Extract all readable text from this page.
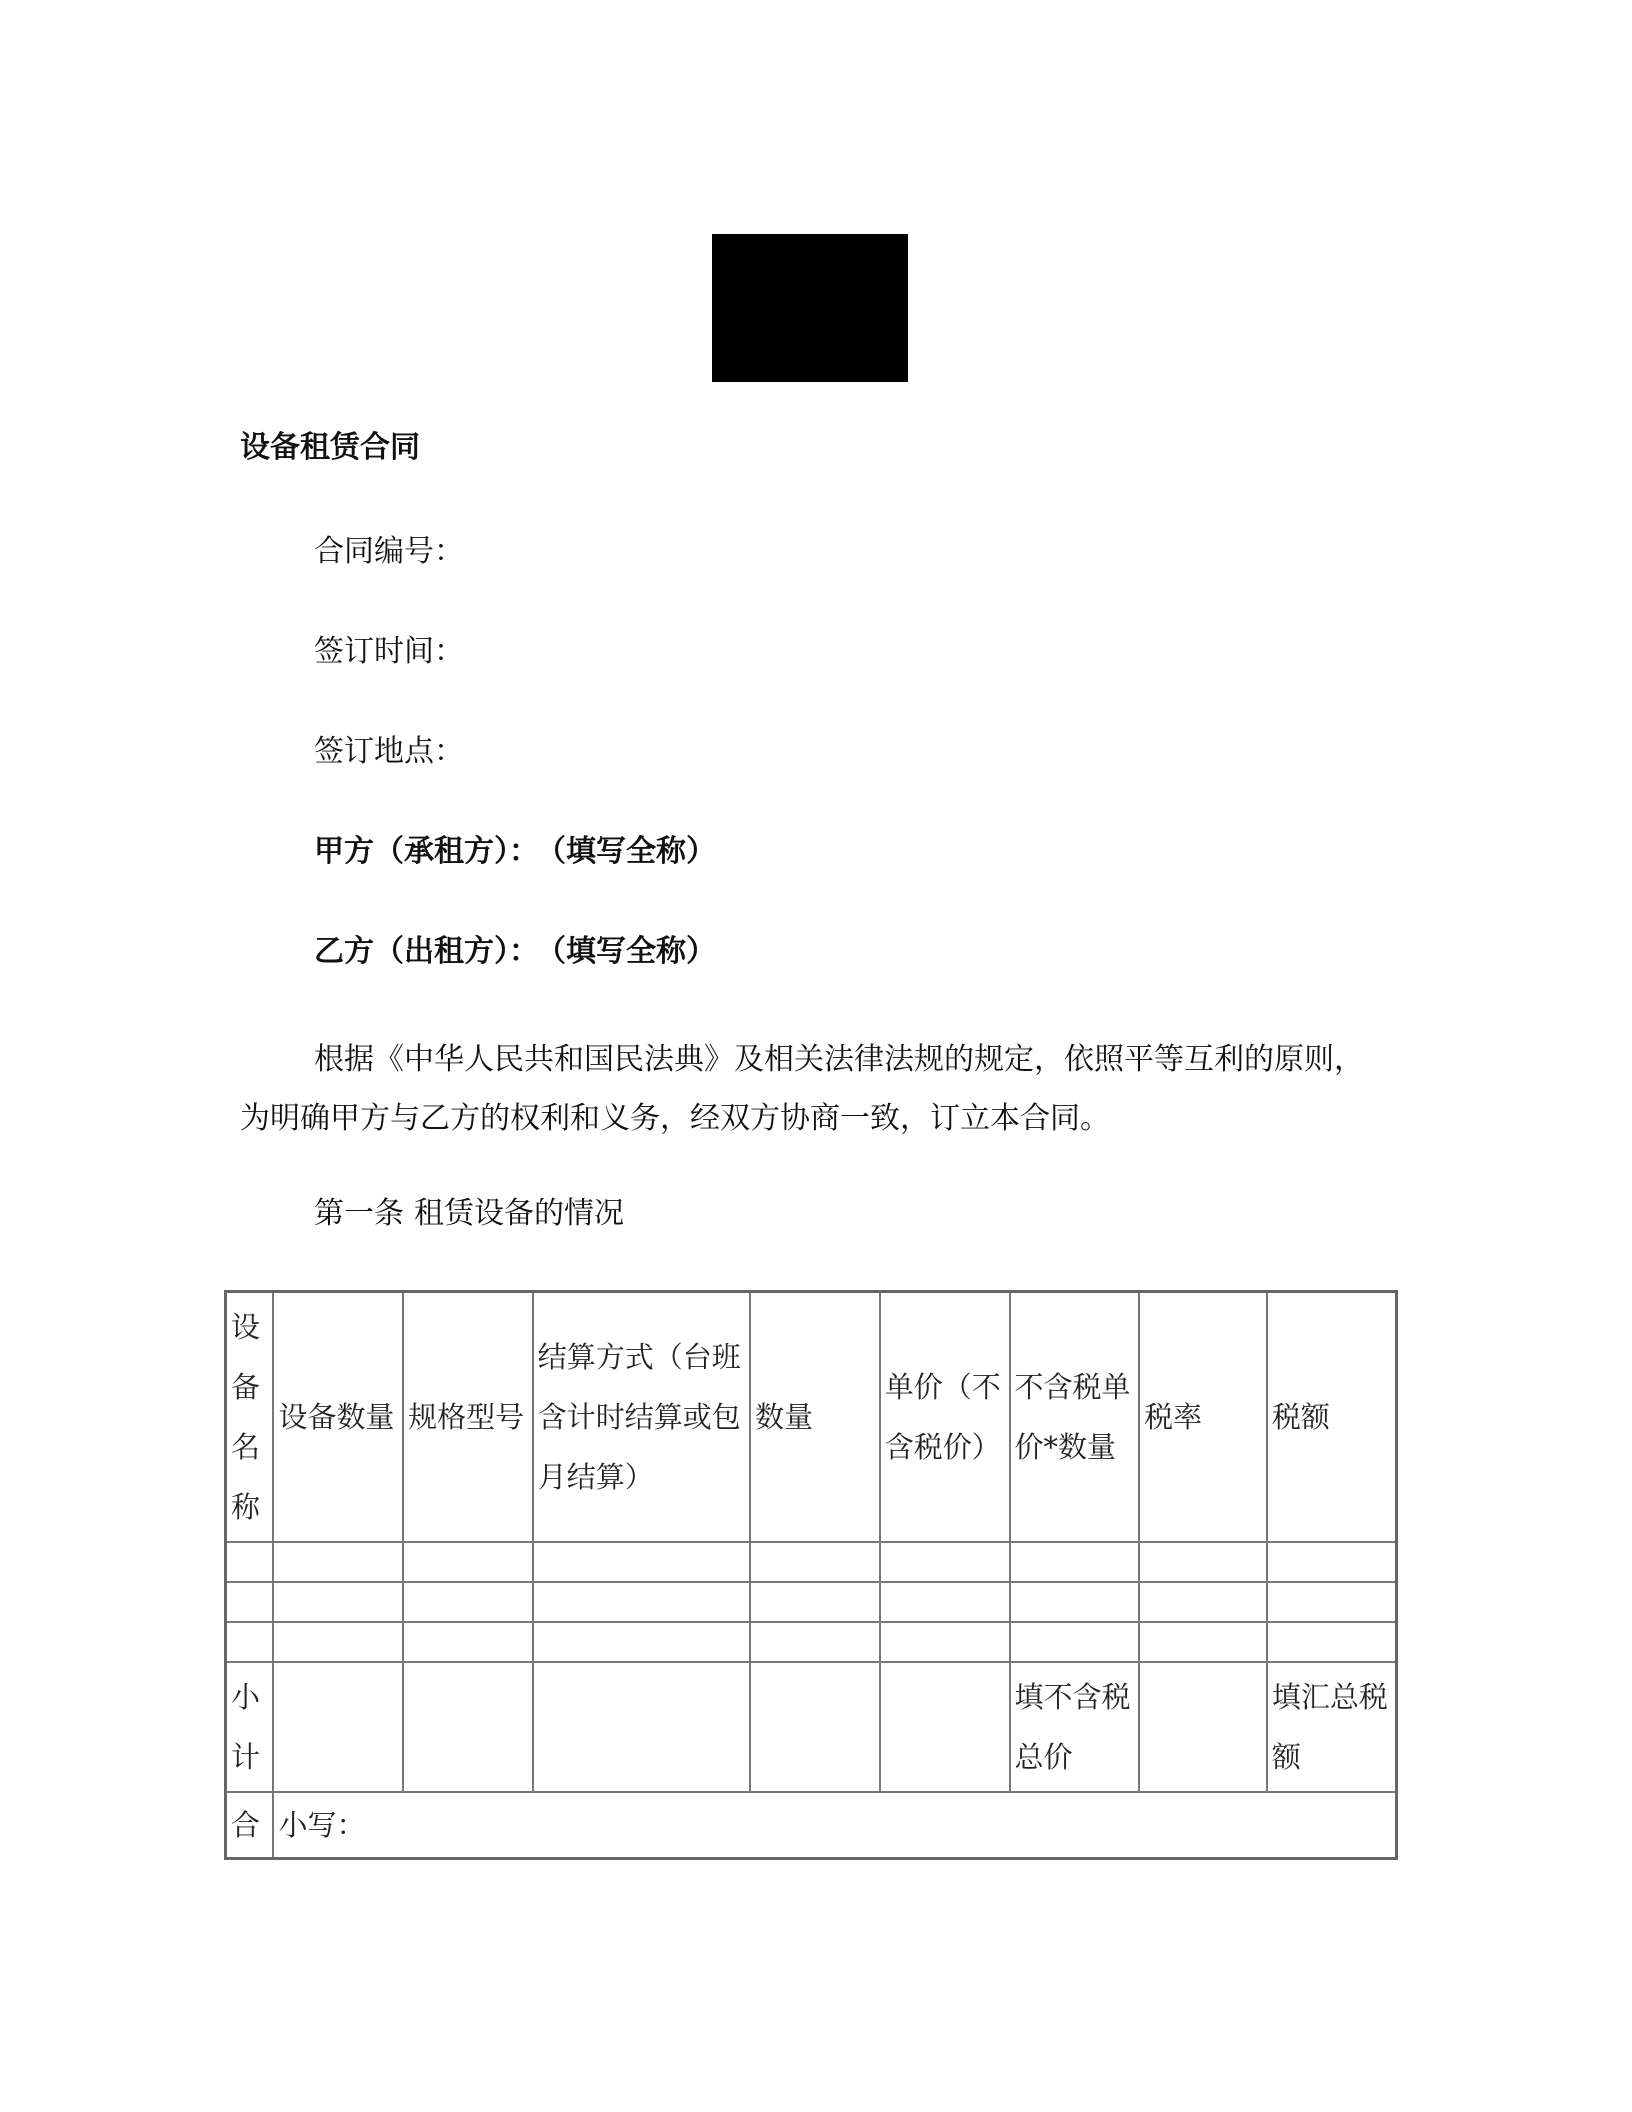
设备租赁合同
合同编号：
签订时间：
签订地点：
甲方（承租方）： （填写全称）
乙方（出租方）： （填写全称）

根据《中华人民共和国民法典》及相关法律法规的规定，依照平等互利的原则，为明确甲方与乙方的权利和义务，经双方协商一致，订立本合同。

第一条 租赁设备的情况
设备名称	设备数量	规格型号	结算方式（台班含计时结算或包月结算）	数量	单价（不含税价）	不含税单价*数量	税率	税额

小计						填不含税总价		填汇总税额
合	小写：							
